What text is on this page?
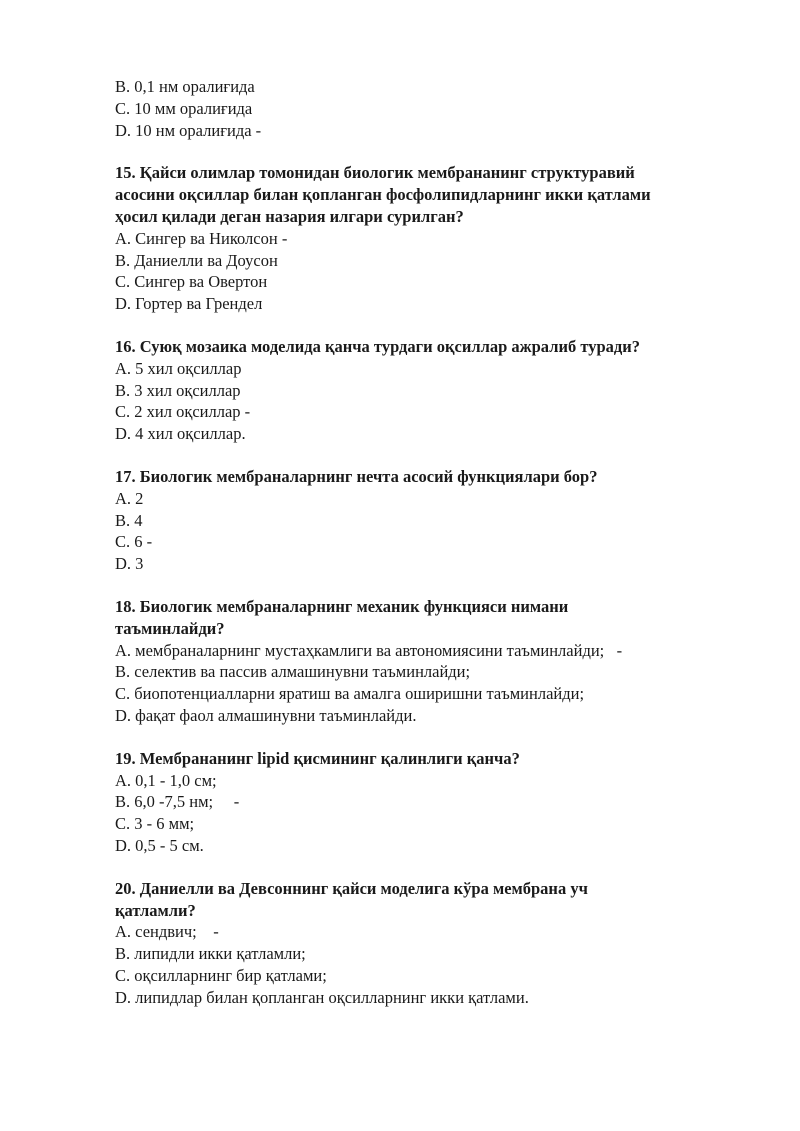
B. 0,1 нм оралиғида

C. 10 мм оралиғида

D. 10 нм оралиғида -

15. Қайси олимлар томонидан биологик мембрананинг структуравий

асосини оқсиллар билан қопланган фосфолипидларнинг икки қатлами

ҳосил қилади деган назария илгари сурилган?

A. Сингер ва Николсон -

B. Даниелли ва Доусон

C. Сингер ва Овертон

D. Гортер ва Грендел

16. Суюқ мозаика моделида қанча турдаги оқсиллар ажралиб туради?

A. 5 хил оқсиллар

B. 3 хил оқсиллар

C. 2 хил оқсиллар -

D. 4 хил оқсиллар.

17. Биологик мембраналарнинг нечта асосий функциялари бор?

A. 2

B. 4

C. 6 -

D. 3

18. Биологик мембраналарнинг механик функцияси нимани

таъминлайди?

A. мембраналарнинг мустаҳкамлиги ва автономиясини таъминлайди;   -

B. селектив ва пассив алмашинувни таъминлайди;

C. биопотенциалларни яратиш ва амалга оширишни таъминлайди;

D. фақат фаол алмашинувни таъминлайди.

19. Мембрананинг lipid қисмининг қалинлиги қанча?

A. 0,1 - 1,0 см;

B. 6,0 -7,5 нм;     -

C. 3 - 6 мм;

D. 0,5 - 5 см.

20. Даниелли ва Девсоннинг қайси моделига кўра мембрана уч

қатламли?

A. сендвич;    -

B. липидли икки қатламли;

C. оқсилларнинг бир қатлами;

D. липидлар билан қопланган оқсилларнинг икки қатлами.
